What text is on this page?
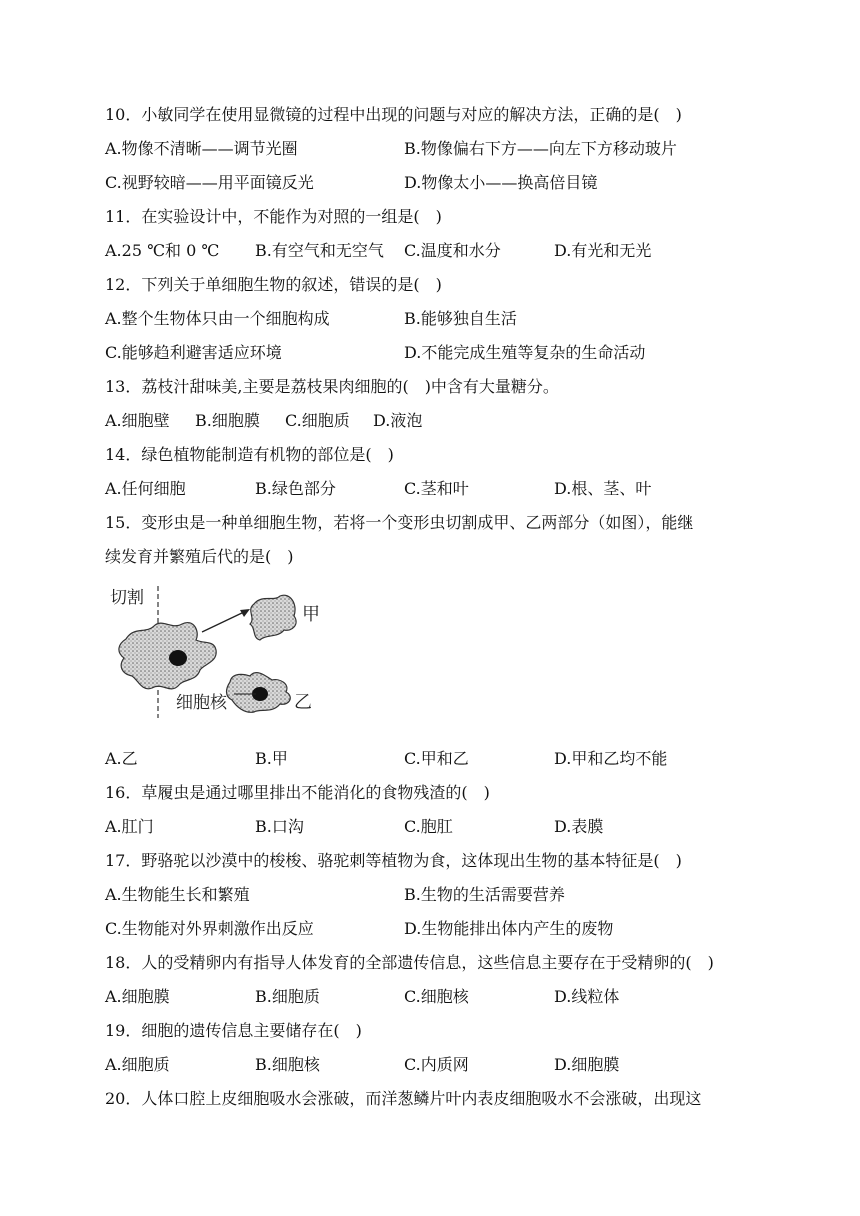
10．小敏同学在使用显微镜的过程中出现的问题与对应的解决方法，正确的是(　)
A.物像不清晰——调节光圈	B.物像偏右下方——向左下方移动玻片
C.视野较暗——用平面镜反光	D.物像太小——换高倍目镜
11．在实验设计中，不能作为对照的一组是(　)
A.25 ℃和 0 ℃ B.有空气和无空气 C.温度和水分	D.有光和无光
12．下列关于单细胞生物的叙述，错误的是(　)
A.整个生物体只由一个细胞构成	B.能够独自生活
C.能够趋利避害适应环境	D.不能完成生殖等复杂的生命活动
13．荔枝汁甜味美,主要是荔枝果肉细胞的(　)中含有大量糖分。
A.细胞壁 B.细胞膜 C.细胞质 D.液泡
14．绿色植物能制造有机物的部位是(　)
A.任何细胞	B.绿色部分	C.茎和叶	D.根、茎、叶
15．变形虫是一种单细胞生物，若将一个变形虫切割成甲、乙两部分（如图），能继
续发育并繁殖后代的是(　)
切割
甲
乙
细胞核
A.乙	B.甲	C.甲和乙	D.甲和乙均不能
16．草履虫是通过哪里排出不能消化的食物残渣的(　)
A.肛门	B.口沟	C.胞肛	D.表膜
17．野骆驼以沙漠中的梭梭、骆驼刺等植物为食，这体现出生物的基本特征是(　)
A.生物能生长和繁殖	B.生物的生活需要营养
C.生物能对外界刺激作出反应	D.生物能排出体内产生的废物
18．人的受精卵内有指导人体发育的全部遗传信息，这些信息主要存在于受精卵的(　)
A.细胞膜	B.细胞质	C.细胞核	D.线粒体
19．细胞的遗传信息主要储存在(　)
A.细胞质	B.细胞核	C.内质网	D.细胞膜
20．人体口腔上皮细胞吸水会涨破，而洋葱鳞片叶内表皮细胞吸水不会涨破，出现这
